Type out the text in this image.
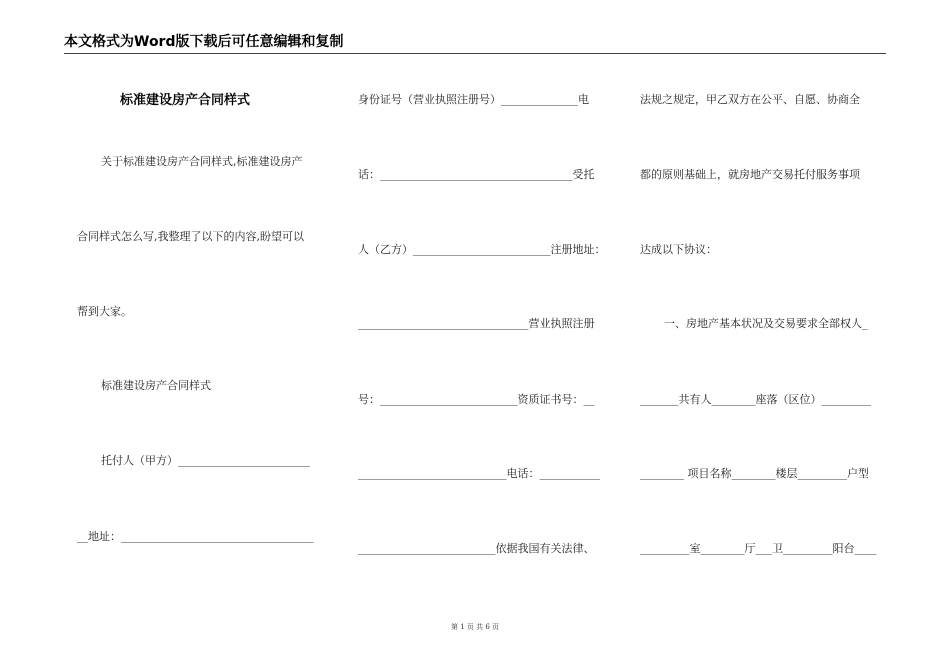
本文格式为Word版下载后可任意编辑和复制
标准建设房产合同样式
关于标准建设房产合同样式,标准建设房产
合同样式怎么写,我整理了以下的内容,盼望可以
帮到大家。
标准建设房产合同样式
托付人（甲方）________________________
__地址：___________________________________
身份证号（营业执照注册号）______________电
话：___________________________________受托
人（乙方）_________________________注册地址：
_______________________________营业执照注册
号：_________________________资质证书号：__
___________________________电话：___________
_________________________依据我国有关法律、
法规之规定，甲乙双方在公平、自愿、协商全
都的原则基础上，就房地产交易托付服务事项
达成以下协议：
一、房地产基本状况及交易要求全部权人_
_______共有人________座落（区位）_________
________ 项目名称________楼层_________户型
_________室________厅___卫_________阳台____
第 1 页 共 6 页
